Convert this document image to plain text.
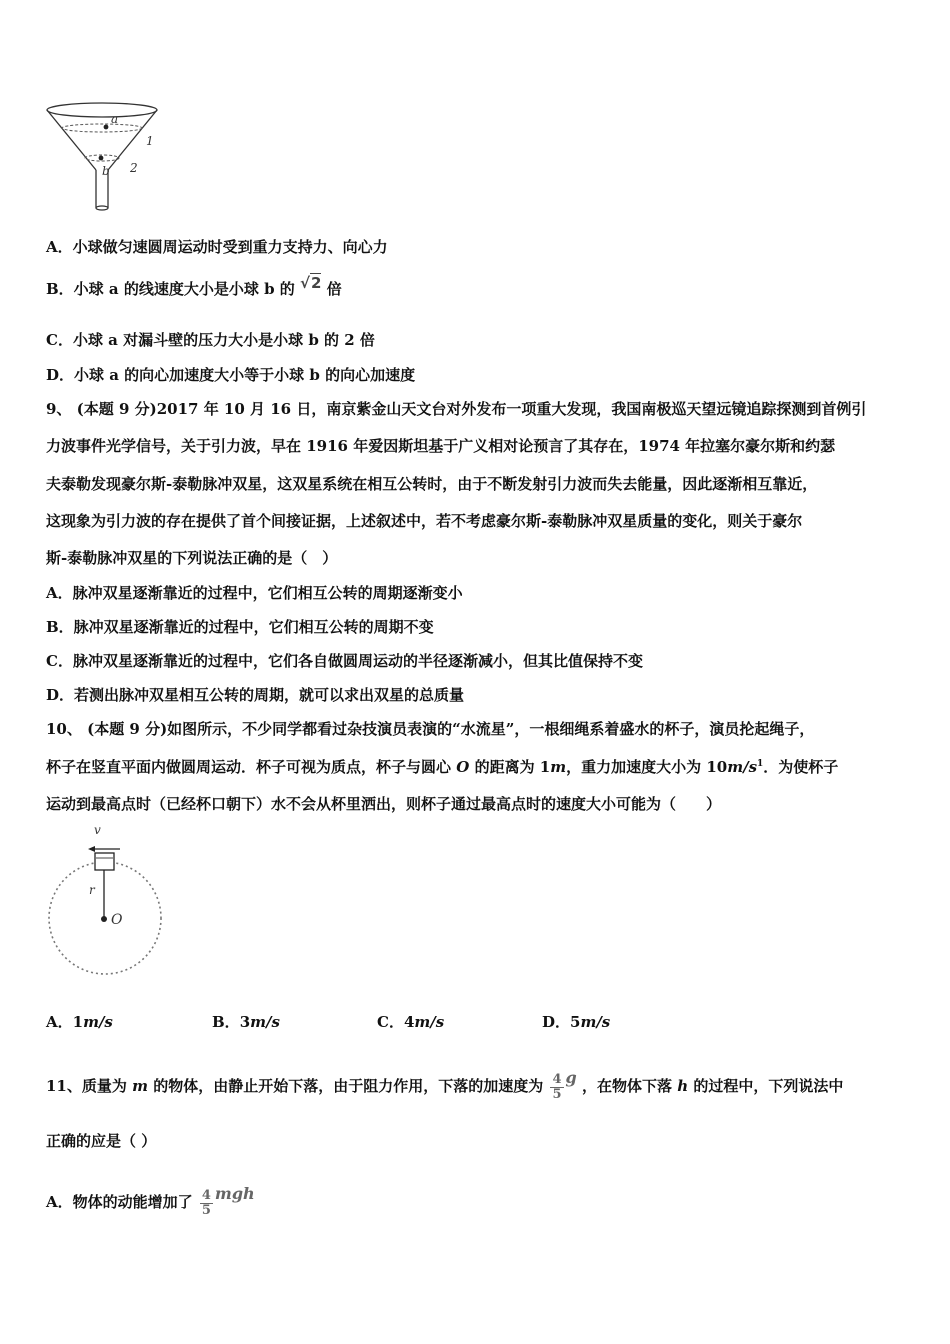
a
b
1
2
A．小球做匀速圆周运动时受到重力支持力、向心力
B．小球 a 的线速度大小是小球 b 的 √2 倍
C．小球 a 对漏斗壁的压力大小是小球 b 的 2 倍
D．小球 a 的向心加速度大小等于小球 b 的向心加速度
9、 (本题 9 分)2017 年 10 月 16 日，南京紫金山天文台对外发布一项重大发现，我国南极巡天望远镜追踪探测到首例引
力波事件光学信号，关于引力波，早在 1916 年爱因斯坦基于广义相对论预言了其存在，1974 年拉塞尔豪尔斯和约瑟
夫泰勒发现豪尔斯-泰勒脉冲双星，这双星系统在相互公转时，由于不断发射引力波而失去能量，因此逐渐相互靠近，
这现象为引力波的存在提供了首个间接证据，上述叙述中，若不考虑豪尔斯-泰勒脉冲双星质量的变化，则关于豪尔
斯-泰勒脉冲双星的下列说法正确的是（　）
A．脉冲双星逐渐靠近的过程中，它们相互公转的周期逐渐变小
B．脉冲双星逐渐靠近的过程中，它们相互公转的周期不变
C．脉冲双星逐渐靠近的过程中，它们各自做圆周运动的半径逐渐减小，但其比值保持不变
D．若测出脉冲双星相互公转的周期，就可以求出双星的总质量
10、 (本题 9 分)如图所示，不少同学都看过杂技演员表演的“水流星”，一根细绳系着盛水的杯子，演员抡起绳子，
杯子在竖直平面内做圆周运动．杯子可视为质点，杯子与圆心 O 的距离为 1m，重力加速度大小为 $10m/s^1$．为使杯子
运动到最高点时（已经杯口朝下）水不会从杯里洒出，则杯子通过最高点时的速度大小可能为（　　）
v
r
O
A．1m/s	B．3m/s	C．4m/s	D．5m/s
11、质量为 m 的物体，由静止开始下落，由于阻力作用，下落的加速度为 $\frac{4}{5}$ g ，在物体下落 h 的过程中，下列说法中
正确的应是（ ）
A．物体的动能增加了 $\frac{4}{5}$ mgh
